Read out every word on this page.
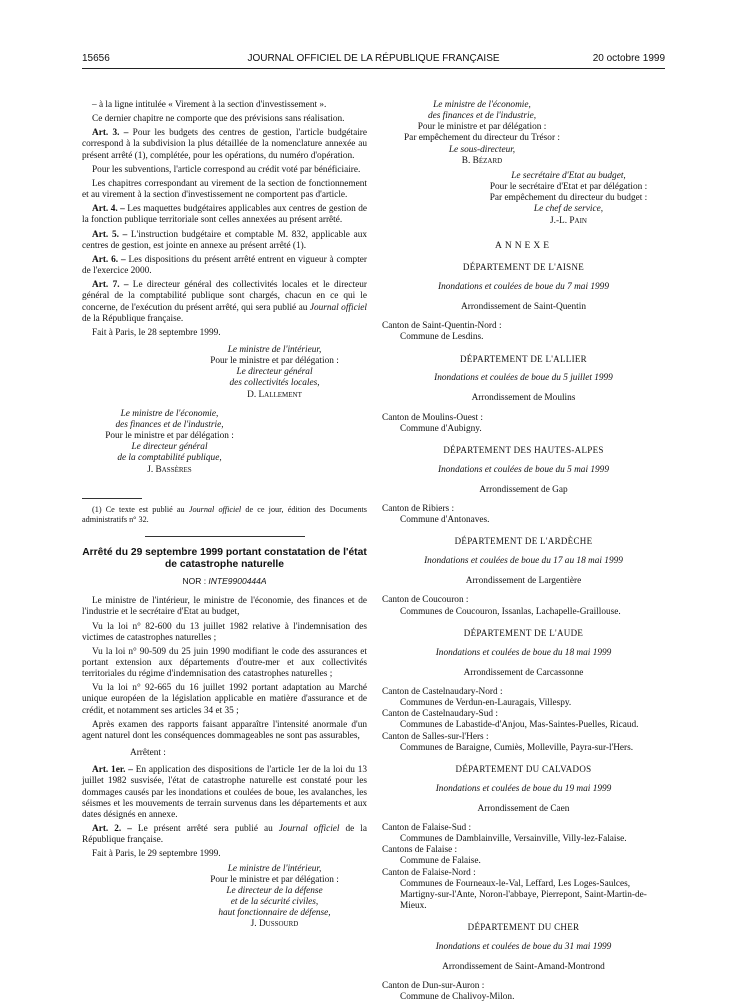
15656	JOURNAL OFFICIEL DE LA RÉPUBLIQUE FRANÇAISE	20 octobre 1999

– à la ligne intitulée « Virement à la section d'investissement ».

Ce dernier chapitre ne comporte que des prévisions sans réalisation.

Art. 3. – Pour les budgets des centres de gestion, l'article budgétaire correspond à la subdivision la plus détaillée de la nomenclature annexée au présent arrêté (1), complétée, pour les opérations, du numéro d'opération.

Pour les subventions, l'article correspond au crédit voté par bénéficiaire.

Les chapitres correspondant au virement de la section de fonctionnement et au virement à la section d'investissement ne comportent pas d'article.

Art. 4. – Les maquettes budgétaires applicables aux centres de gestion de la fonction publique territoriale sont celles annexées au présent arrêté.

Art. 5. – L'instruction budgétaire et comptable M. 832, applicable aux centres de gestion, est jointe en annexe au présent arrêté (1).

Art. 6. – Les dispositions du présent arrêté entrent en vigueur à compter de l'exercice 2000.

Art. 7. – Le directeur général des collectivités locales et le directeur général de la comptabilité publique sont chargés, chacun en ce qui le concerne, de l'exécution du présent arrêté, qui sera publié au Journal officiel de la République française.

Fait à Paris, le 28 septembre 1999.

Le ministre de l'intérieur,
Pour le ministre et par délégation :
Le directeur général
des collectivités locales,
D. Lallement
Le ministre de l'économie,
des finances et de l'industrie,
Pour le ministre et par délégation :
Le directeur général
de la comptabilité publique,
J. Bassères

(1) Ce texte est publié au Journal officiel de ce jour, édition des Documents administratifs n° 32.

Arrêté du 29 septembre 1999 portant constatation de l'état de catastrophe naturelle
NOR : INTE9900444A

Le ministre de l'intérieur, le ministre de l'économie, des finances et de l'industrie et le secrétaire d'Etat au budget,

Vu la loi n° 82-600 du 13 juillet 1982 relative à l'indemnisation des victimes de catastrophes naturelles ;

Vu la loi n° 90-509 du 25 juin 1990 modifiant le code des assurances et portant extension aux départements d'outre-mer et aux collectivités territoriales du régime d'indemnisation des catastrophes naturelles ;

Vu la loi n° 92-665 du 16 juillet 1992 portant adaptation au Marché unique européen de la législation applicable en matière d'assurance et de crédit, et notamment ses articles 34 et 35 ;

Après examen des rapports faisant apparaître l'intensité anormale d'un agent naturel dont les conséquences dommageables ne sont pas assurables,

Arrêtent :

Art. 1er. – En application des dispositions de l'article 1er de la loi du 13 juillet 1982 susvisée, l'état de catastrophe naturelle est constaté pour les dommages causés par les inondations et coulées de boue, les avalanches, les séismes et les mouvements de terrain survenus dans les départements et aux dates désignés en annexe.

Art. 2. – Le présent arrêté sera publié au Journal officiel de la République française.

Fait à Paris, le 29 septembre 1999.

Le ministre de l'intérieur,
Pour le ministre et par délégation :
Le directeur de la défense
et de la sécurité civiles,
haut fonctionnaire de défense,
J. Dussourd
Le ministre de l'économie,
des finances et de l'industrie,
Pour le ministre et par délégation :
Par empêchement du directeur du Trésor :
Le sous-directeur,
B. Bézard
Le secrétaire d'Etat au budget,
Pour le secrétaire d'Etat et par délégation :
Par empêchement du directeur du budget :
Le chef de service,
J.-L. Pain
ANNEXE
DÉPARTEMENT DE L'AISNE
Inondations et coulées de boue du 7 mai 1999
Arrondissement de Saint-Quentin
Canton de Saint-Quentin-Nord :
Commune de Lesdins.
DÉPARTEMENT DE L'ALLIER
Inondations et coulées de boue du 5 juillet 1999
Arrondissement de Moulins
Canton de Moulins-Ouest :
Commune d'Aubigny.
DÉPARTEMENT DES HAUTES-ALPES
Inondations et coulées de boue du 5 mai 1999
Arrondissement de Gap
Canton de Ribiers :
Commune d'Antonaves.
DÉPARTEMENT DE L'ARDÈCHE
Inondations et coulées de boue du 17 au 18 mai 1999
Arrondissement de Largentière
Canton de Coucouron :
Communes de Coucouron, Issanlas, Lachapelle-Graillouse.
DÉPARTEMENT DE L'AUDE
Inondations et coulées de boue du 18 mai 1999
Arrondissement de Carcassonne
Canton de Castelnaudary-Nord :
Communes de Verdun-en-Lauragais, Villespy.
Canton de Castelnaudary-Sud :
Communes de Labastide-d'Anjou, Mas-Saintes-Puelles, Ricaud.
Canton de Salles-sur-l'Hers :
Communes de Baraigne, Cumiès, Molleville, Payra-sur-l'Hers.
DÉPARTEMENT DU CALVADOS
Inondations et coulées de boue du 19 mai 1999
Arrondissement de Caen
Canton de Falaise-Sud :
Communes de Damblainville, Versainville, Villy-lez-Falaise.
Cantons de Falaise :
Commune de Falaise.
Canton de Falaise-Nord :
Communes de Fourneaux-le-Val, Leffard, Les Loges-Saulces, Martigny-sur-l'Ante, Noron-l'abbaye, Pierrepont, Saint-Martin-de-Mieux.
DÉPARTEMENT DU CHER
Inondations et coulées de boue du 31 mai 1999
Arrondissement de Saint-Amand-Montrond
Canton de Dun-sur-Auron :
Commune de Chalivoy-Milon.
